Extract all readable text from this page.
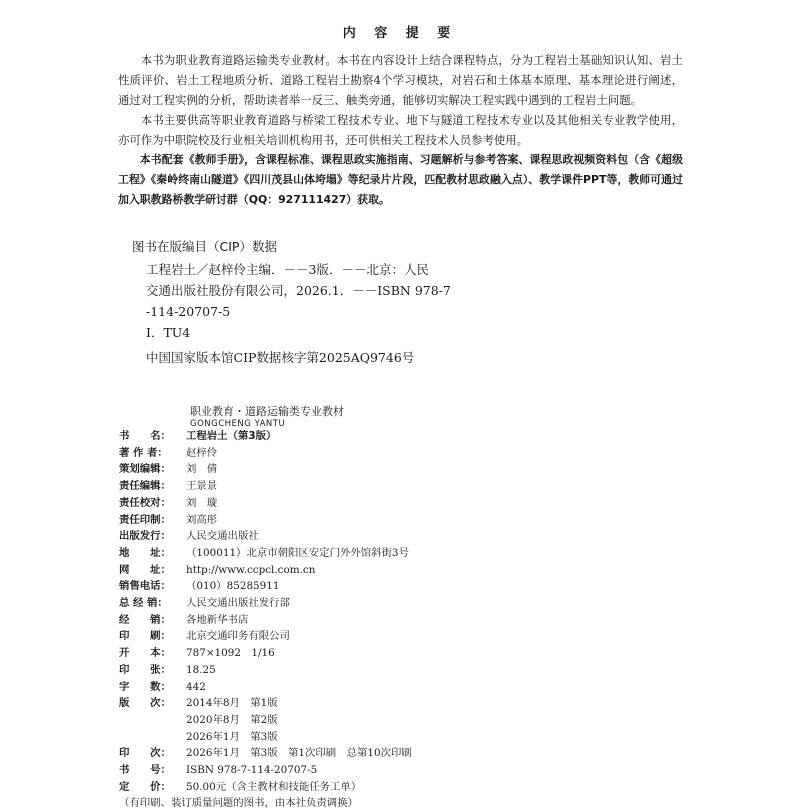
内 容 提 要

本书为职业教育道路运输类专业教材。本书在内容设计上结合课程特点，分为工程岩土基础知识认知、岩土性质评价、岩土工程地质分析、道路工程岩土勘察4个学习模块，对岩石和土体基本原理、基本理论进行阐述，通过对工程实例的分析，帮助读者举一反三、触类旁通，能够切实解决工程实践中遇到的工程岩土问题。

本书主要供高等职业教育道路与桥梁工程技术专业、地下与隧道工程技术专业以及其他相关专业教学使用，亦可作为中职院校及行业相关培训机构用书，还可供相关工程技术人员参考使用。

本书配套《教师手册》，含课程标准、课程思政实施指南、习题解析与参考答案、课程思政视频资料包（含《超级工程》《秦岭终南山隧道》《四川茂县山体垮塌》等纪录片片段，匹配教材思政融入点）、教学课件PPT等，教师可通过加入职教路桥教学研讨群（QQ：927111427）获取。

图书在版编目（CIP）数据
工程岩土／赵梓伶主编．－－3版．－－北京：人民
交通出版社股份有限公司，2026.1．－－ISBN 978-7
-114-20707-5
Ⅰ．TU4
中国国家版本馆CIP数据核字第2025AQ9746号
职业教育・道路运输类专业教材
GONGCHENG YANTU
书　　名：	工程岩土（第3版）
著 作 者：	赵梓伶
策划编辑：	刘　倩
责任编辑：	王景景
责任校对：	刘　璇
责任印制：	刘高彤
出版发行：	人民交通出版社
地　　址：	（100011）北京市朝阳区安定门外外馆斜街3号
网　　址：	http://www.ccpcl.com.cn
销售电话：	（010）85285911
总 经 销：	人民交通出版社发行部
经　　销：	各地新华书店
印　　刷：	北京交通印务有限公司
开　　本：	787×1092　1/16
印　　张：	18.25
字　　数：	442
版　　次：	2014年8月　第1版
2020年8月　第2版
2026年1月　第3版
印　　次：	2026年1月　第3版　第1次印刷　总第10次印刷
书　　号：	ISBN 978-7-114-20707-5
定　　价：	50.00元（含主教材和技能任务工单）
（有印刷、装订质量问题的图书，由本社负责调换）
